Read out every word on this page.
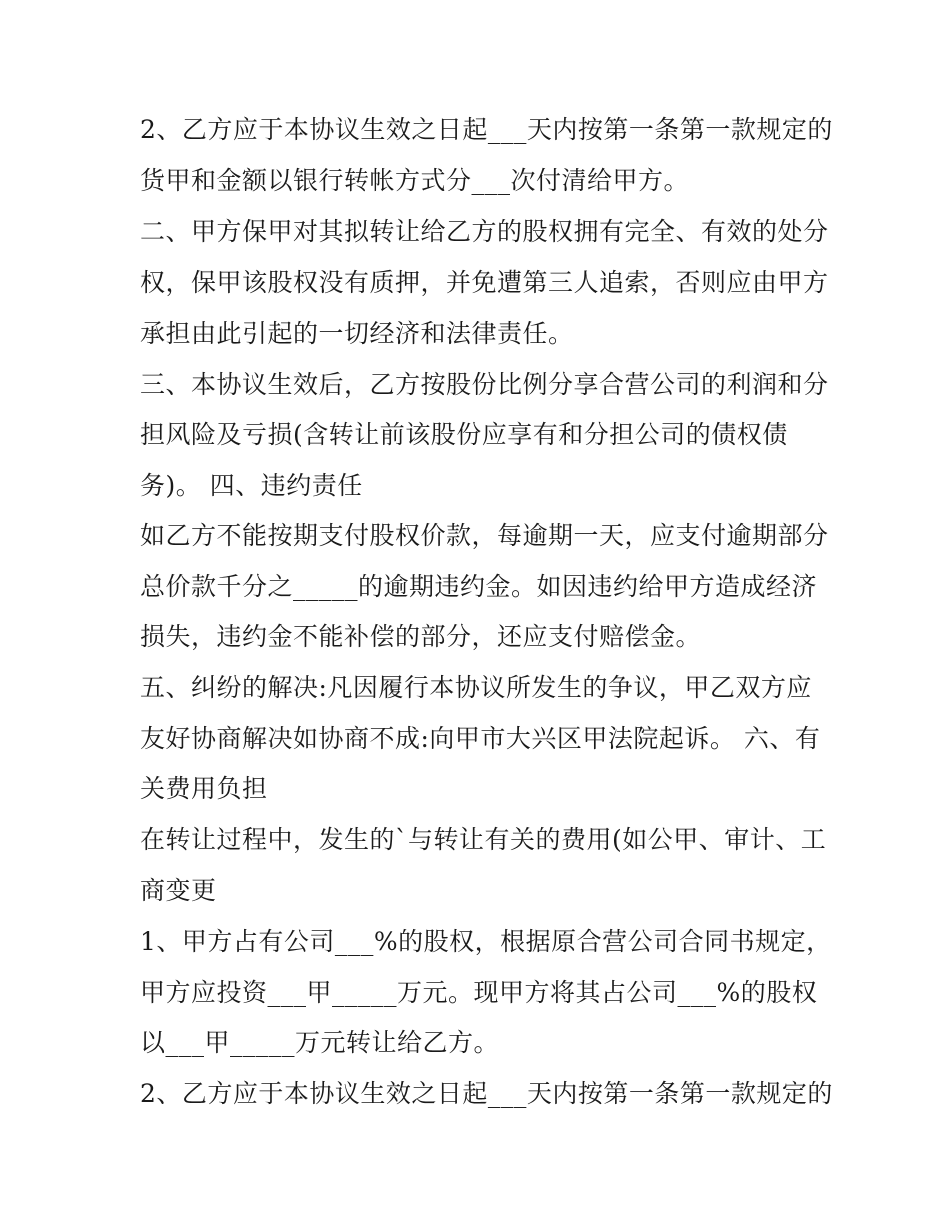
2、乙方应于本协议生效之日起___天内按第一条第一款规定的

货甲和金额以银行转帐方式分___次付清给甲方。

二、甲方保甲对其拟转让给乙方的股权拥有完全、有效的处分

权，保甲该股权没有质押，并免遭第三人追索，否则应由甲方

承担由此引起的一切经济和法律责任。

三、本协议生效后，乙方按股份比例分享合营公司的利润和分

担风险及亏损(含转让前该股份应享有和分担公司的债权债

务)。 四、违约责任

如乙方不能按期支付股权价款，每逾期一天，应支付逾期部分

总价款千分之_____的逾期违约金。如因违约给甲方造成经济

损失，违约金不能补偿的部分，还应支付赔偿金。

五、纠纷的解决:凡因履行本协议所发生的争议，甲乙双方应

友好协商解决如协商不成:向甲市大兴区甲法院起诉。 六、有

关费用负担

在转让过程中，发生的`与转让有关的费用(如公甲、审计、工

商变更

1、甲方占有公司___%的股权，根据原合营公司合同书规定，

甲方应投资___甲_____万元。现甲方将其占公司___%的股权

以___甲_____万元转让给乙方。

2、乙方应于本协议生效之日起___天内按第一条第一款规定的
